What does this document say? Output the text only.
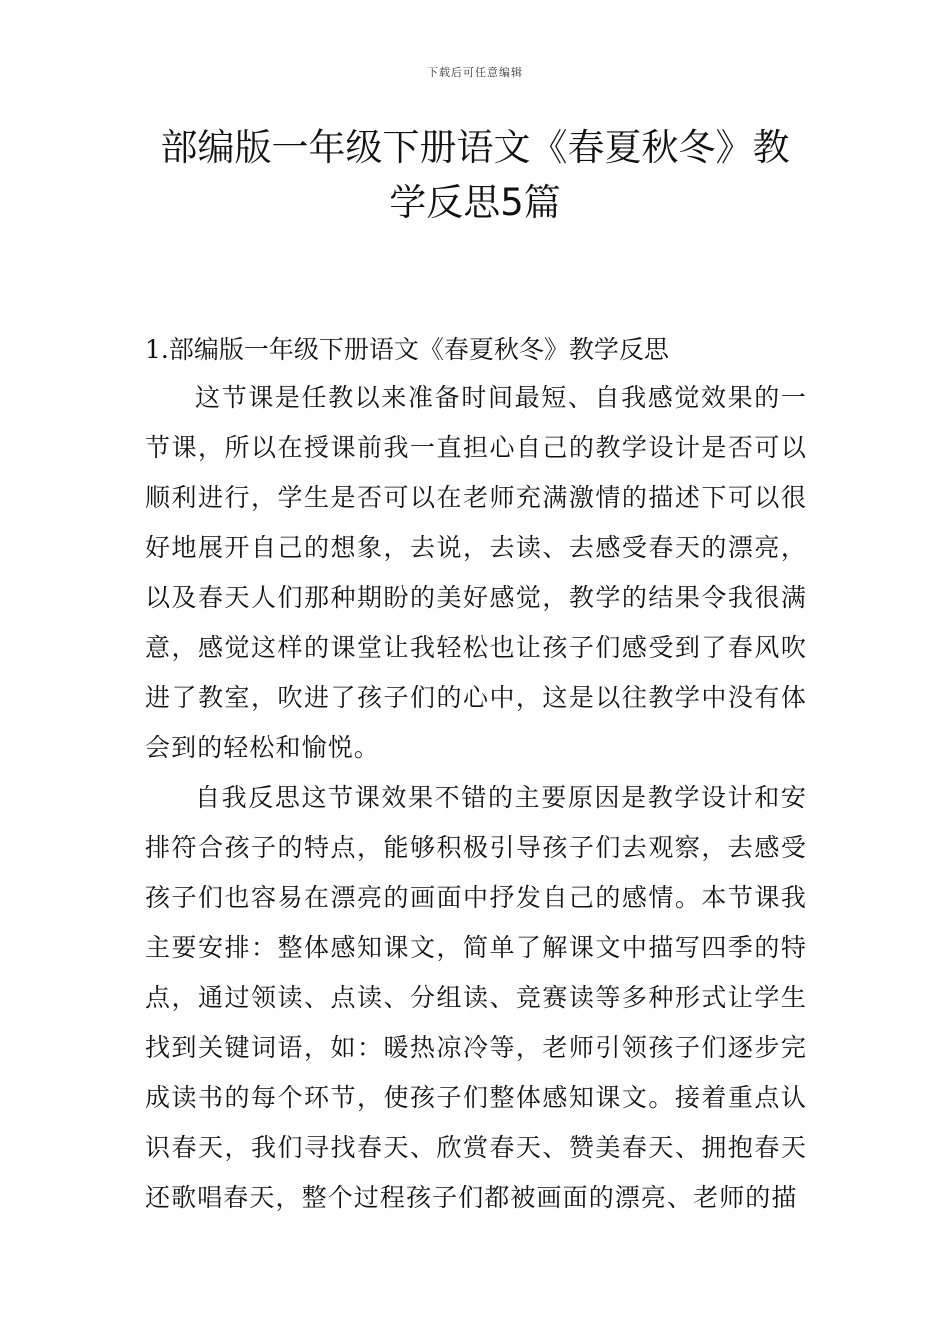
下载后可任意编辑
部编版一年级下册语文《春夏秋冬》教学反思5篇
1.部编版一年级下册语文《春夏秋冬》教学反思

这节课是任教以来准备时间最短、自我感觉效果的一节课，所以在授课前我一直担心自己的教学设计是否可以顺利进行，学生是否可以在老师充满激情的描述下可以很好地展开自己的想象，去说，去读、去感受春天的漂亮，以及春天人们那种期盼的美好感觉，教学的结果令我很满意，感觉这样的课堂让我轻松也让孩子们感受到了春风吹进了教室，吹进了孩子们的心中，这是以往教学中没有体会到的轻松和愉悦。

自我反思这节课效果不错的主要原因是教学设计和安排符合孩子的特点，能够积极引导孩子们去观察，去感受孩子们也容易在漂亮的画面中抒发自己的感情。本节课我主要安排：整体感知课文，简单了解课文中描写四季的特点，通过领读、点读、分组读、竞赛读等多种形式让学生找到关键词语，如：暖热凉冷等，老师引领孩子们逐步完成读书的每个环节，使孩子们整体感知课文。接着重点认识春天，我们寻找春天、欣赏春天、赞美春天、拥抱春天还歌唱春天，整个过程孩子们都被画面的漂亮、老师的描
